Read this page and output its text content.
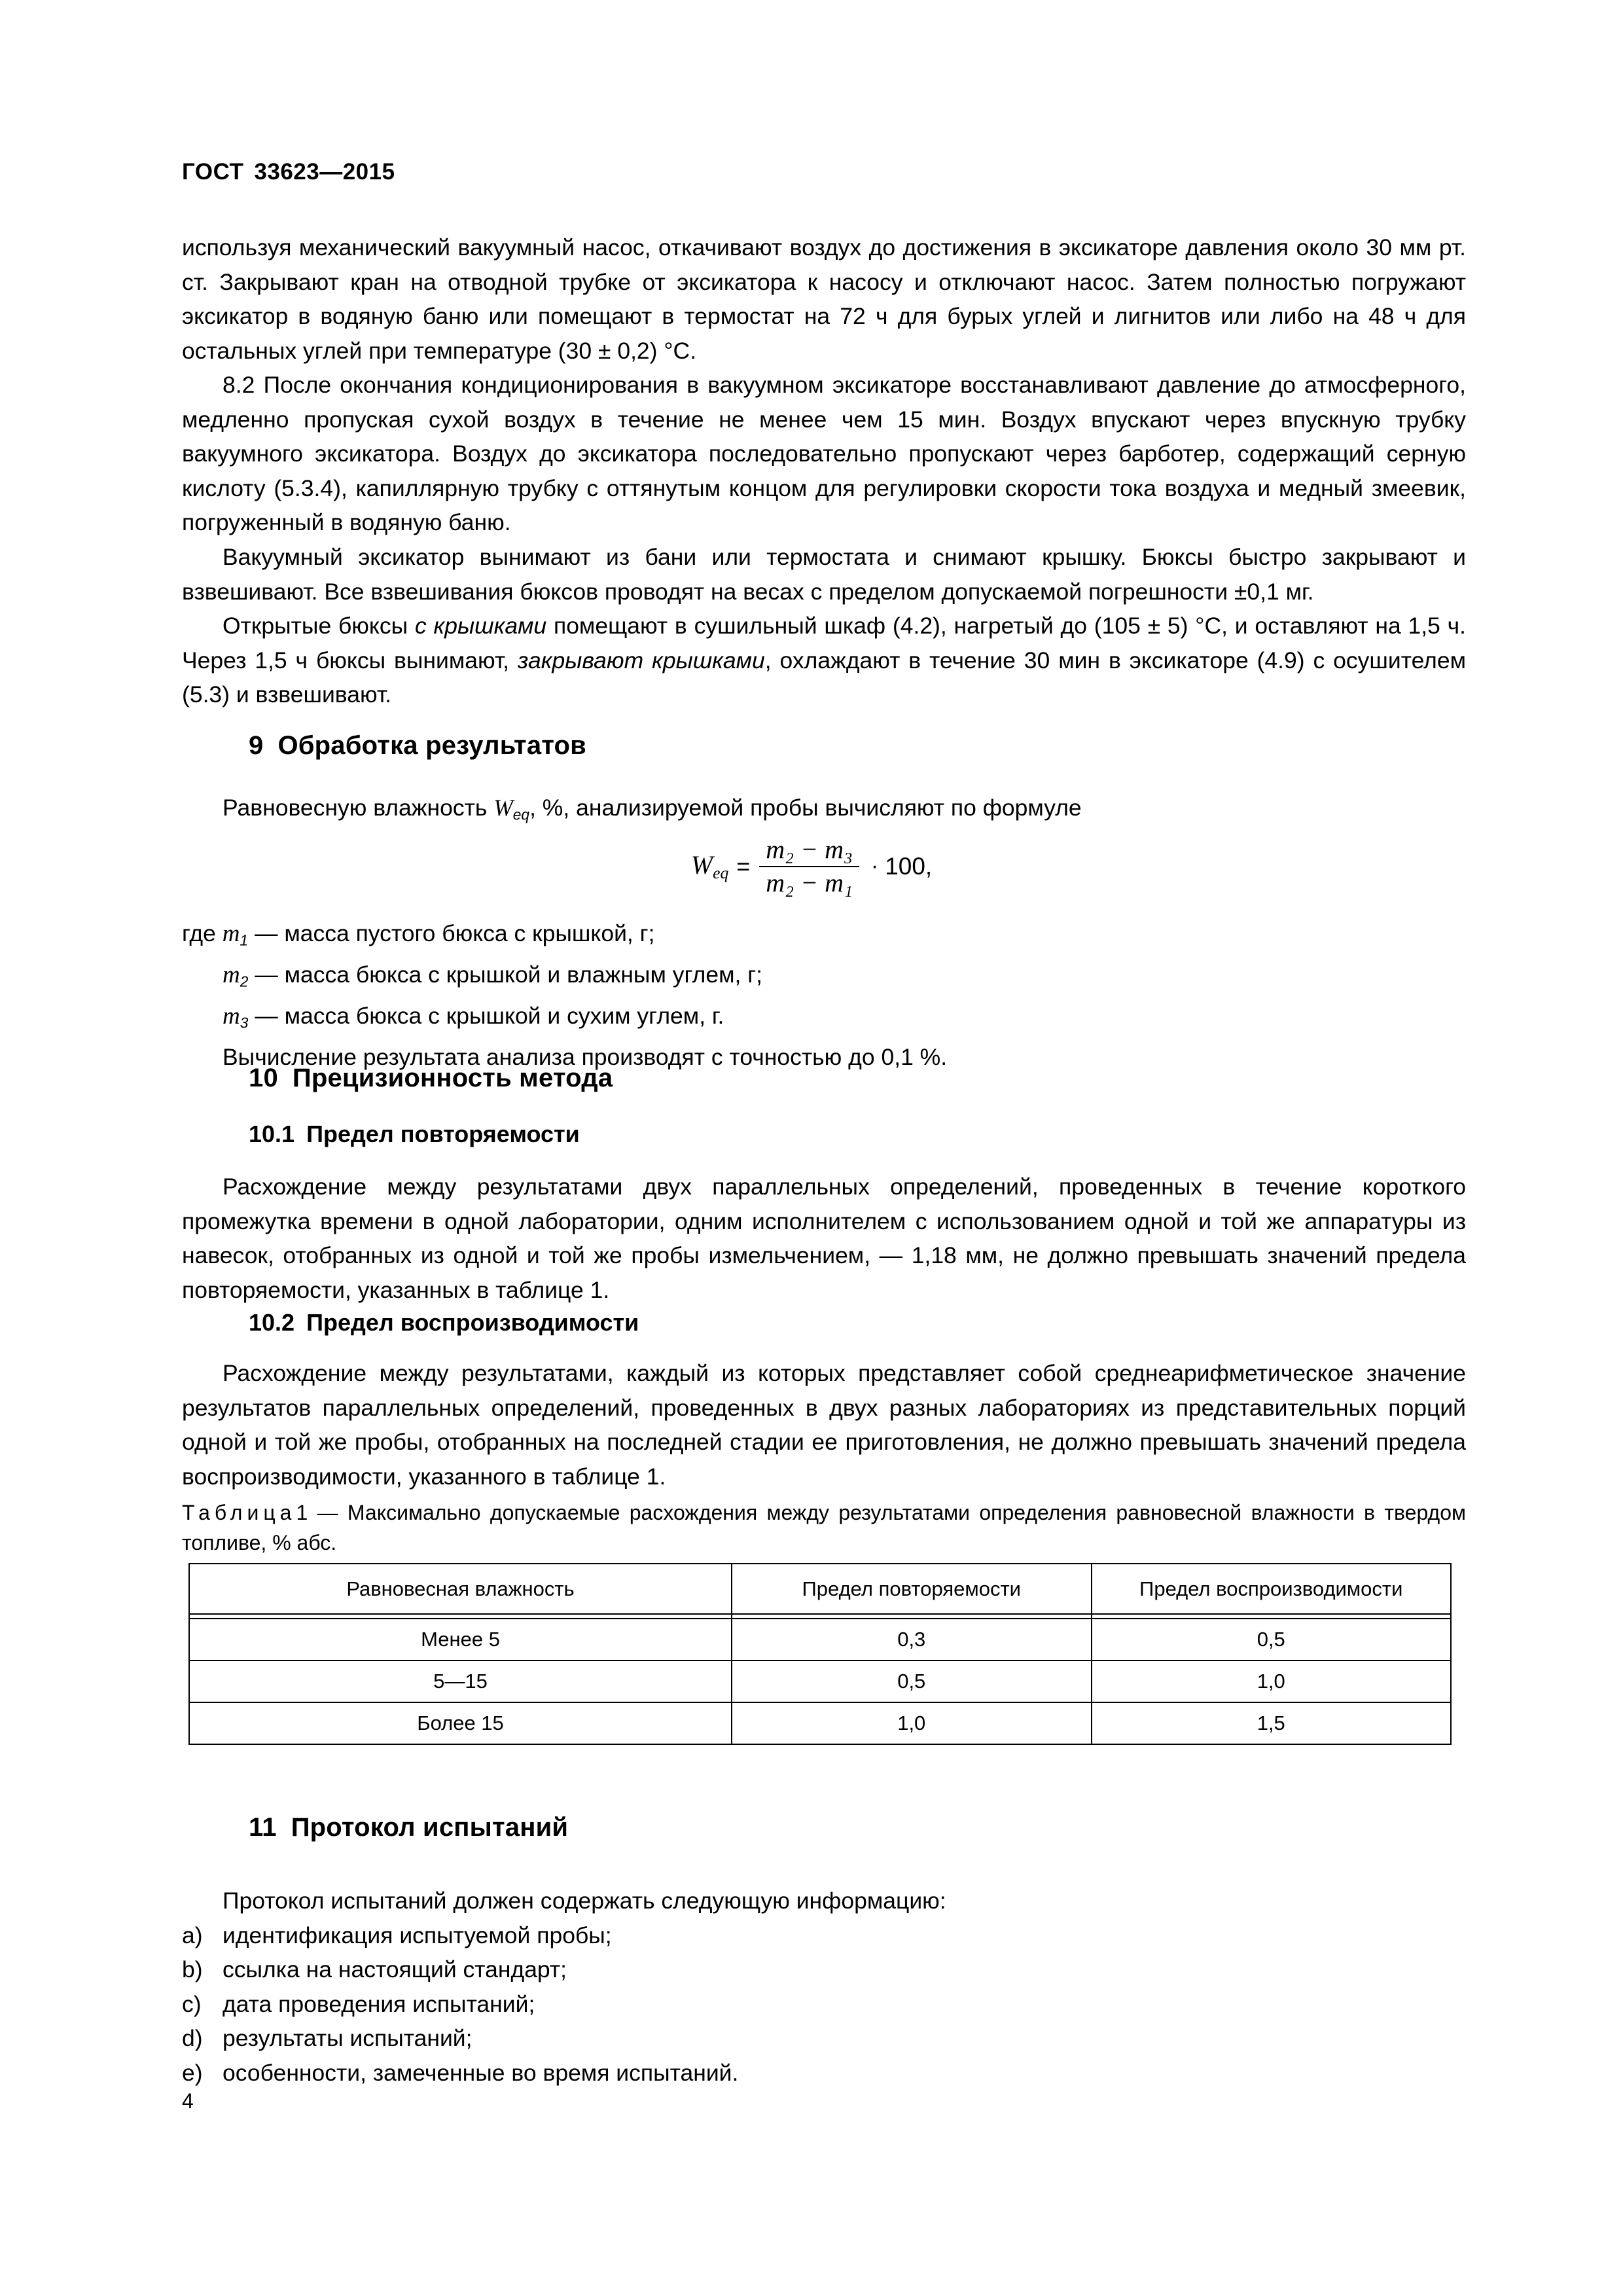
ГОСТ 33623—2015

используя механический вакуумный насос, откачивают воздух до достижения в эксикаторе давления около 30 мм рт. ст. Закрывают кран на отводной трубке от эксикатора к насосу и отключают насос. Затем полностью погружают эксикатор в водяную баню или помещают в термостат на 72 ч для бурых углей и лигнитов или либо на 48 ч для остальных углей при температуре (30 ± 0,2) °C.

8.2 После окончания кондиционирования в вакуумном эксикаторе восстанавливают давление до атмосферного, медленно пропуская сухой воздух в течение не менее чем 15 мин. Воздух впускают через впускную трубку вакуумного эксикатора. Воздух до эксикатора последовательно пропускают через барботер, содержащий серную кислоту (5.3.4), капиллярную трубку с оттянутым концом для регулировки скорости тока воздуха и медный змеевик, погруженный в водяную баню.

Вакуумный эксикатор вынимают из бани или термостата и снимают крышку. Бюксы быстро закрывают и взвешивают. Все взвешивания бюксов проводят на весах с пределом допускаемой погрешности ±0,1 мг.

Открытые бюксы с крышками помещают в сушильный шкаф (4.2), нагретый до (105 ± 5) °C, и оставляют на 1,5 ч. Через 1,5 ч бюксы вынимают, закрывают крышками, охлаждают в течение 30 мин в эксикаторе (4.9) с осушителем (5.3) и взвешивают.

9 Обработка результатов

Равновесную влажность $W_{eq}$, %, анализируемой пробы вычисляют по формуле

$W_{eq} = \frac{\text{m₂ − m₃}}{\text{m₂ − m₁}} \cdot 100$,
где $m_1$ — масса пустого бюкса с крышкой, г;
$m_2$ — масса бюкса с крышкой и влажным углем, г;
$m_3$ — масса бюкса с крышкой и сухим углем, г.
Вычисление результата анализа производят с точностью до 0,1 %.
10 Прецизионность метода
10.1 Предел повторяемости

Расхождение между результатами двух параллельных определений, проведенных в течение короткого промежутка времени в одной лаборатории, одним исполнителем с использованием одной и той же аппаратуры из навесок, отобранных из одной и той же пробы измельчением, — 1,18 мм, не должно превышать значений предела повторяемости, указанных в таблице 1.

10.2 Предел воспроизводимости

Расхождение между результатами, каждый из которых представляет собой среднеарифметическое значение результатов параллельных определений, проведенных в двух разных лабораториях из представительных порций одной и той же пробы, отобранных на последней стадии ее приготовления, не должно превышать значений предела воспроизводимости, указанного в таблице 1.

Таблица1 — Максимально допускаемые расхождения между результатами определения равновесной влажности в твердом топливе, % абс.
Равновесная влажность	Предел повторяемости	Предел воспроизводимости

Менее 5	0,3	0,5
5—15	0,5	1,0
Более 15	1,0	1,5
11 Протокол испытаний
Протокол испытаний должен содержать следующую информацию:
a) идентификация испытуемой пробы;
b) ссылка на настоящий стандарт;
c) дата проведения испытаний;
d) результаты испытаний;
e) особенности, замеченные во время испытаний.
4
